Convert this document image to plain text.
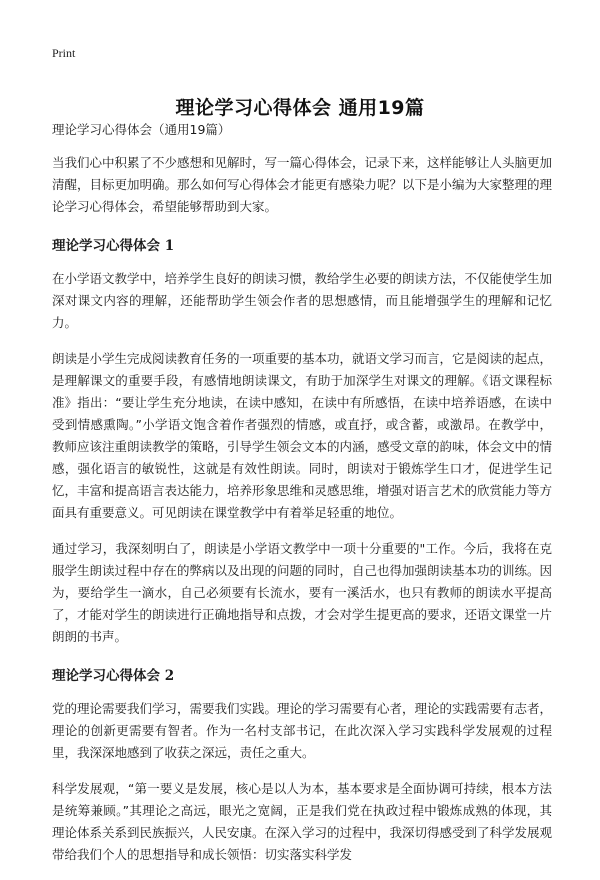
Print
理论学习心得体会 通用19篇
理论学习心得体会（通用19篇）

当我们心中积累了不少感想和见解时，写一篇心得体会，记录下来，这样能够让人头脑更加清醒，目标更加明确。那么如何写心得体会才能更有感染力呢？以下是小编为大家整理的理论学习心得体会，希望能够帮助到大家。

理论学习心得体会 1

在小学语文教学中，培养学生良好的朗读习惯，教给学生必要的朗读方法，不仅能使学生加深对课文内容的理解，还能帮助学生领会作者的思想感情，而且能增强学生的理解和记忆力。

朗读是小学生完成阅读教育任务的一项重要的基本功，就语文学习而言，它是阅读的起点，是理解课文的重要手段，有感情地朗读课文，有助于加深学生对课文的理解。《语文课程标准》指出：“要让学生充分地读，在读中感知，在读中有所感悟，在读中培养语感，在读中受到情感熏陶。”小学语文饱含着作者强烈的情感，或直抒，或含蓄，或激昂。在教学中，教师应该注重朗读教学的策略，引导学生领会文本的内涵，感受文章的韵味，体会文中的情感，强化语言的敏锐性，这就是有效性朗读。同时，朗读对于锻炼学生口才，促进学生记忆，丰富和提高语言表达能力，培养形象思维和灵感思维，增强对语言艺术的欣赏能力等方面具有重要意义。可见朗读在课堂教学中有着举足轻重的地位。

通过学习，我深刻明白了，朗读是小学语文教学中一项十分重要的"工作。今后，我将在克服学生朗读过程中存在的弊病以及出现的问题的同时，自己也得加强朗读基本功的训练。因为，要给学生一滴水，自己必须要有长流水，要有一溪活水，也只有教师的朗读水平提高了，才能对学生的朗读进行正确地指导和点拨，才会对学生提更高的要求，还语文课堂一片朗朗的书声。

理论学习心得体会 2

党的理论需要我们学习，需要我们实践。理论的学习需要有心者，理论的实践需要有志者，理论的创新更需要有智者。作为一名村支部书记，在此次深入学习实践科学发展观的过程里，我深深地感到了收获之深远，责任之重大。

科学发展观，“第一要义是发展，核心是以人为本，基本要求是全面协调可持续，根本方法是统筹兼顾。”其理论之高远，眼光之宽阔，正是我们党在执政过程中锻炼成熟的体现，其理论体系关系到民族振兴，人民安康。在深入学习的过程中，我深切得感受到了科学发展观带给我们个人的思想指导和成长领悟：切实落实科学发
